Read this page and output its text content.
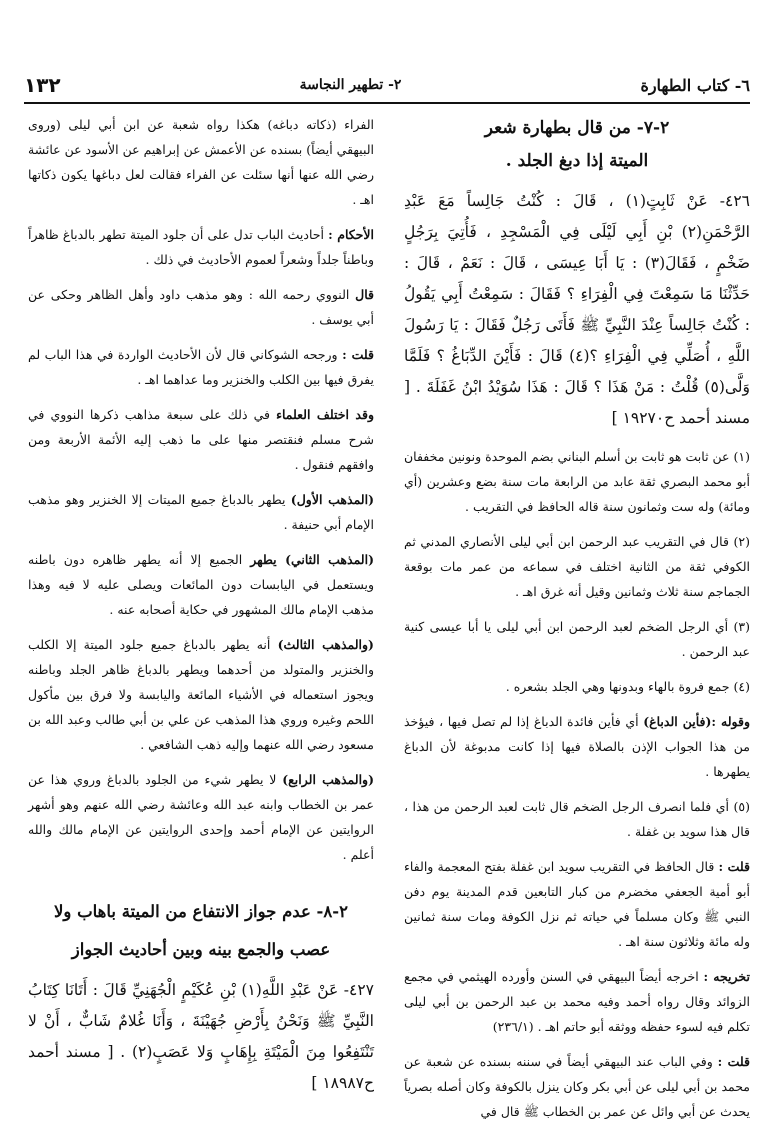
٦- كتاب الطهارة
٢- تطهير النجاسة
١٣٢

٢-٧- من قال بطهارة شعر

الميتة إذا دبغ الجلد .

٤٢٦- عَنْ ثَابِتٍ(١) ، قَالَ : كُنْتُ جَالِساً مَعَ عَبْدِ الرَّحْمَنِ(٢) بْنِ أَبِي لَيْلَى فِي الْمَسْجِدِ ، فَأُتِيَ بِرَجُلٍ ضَخْمٍ ، فَقَالَ(٣) : يَا أَبَا عِيسَى ، قَالَ : نَعَمْ ، قَالَ : حَدِّثْنَا مَا سَمِعْتَ فِي الْفِرَاءِ ؟ فَقَالَ : سَمِعْتُ أَبِي يَقُولُ : كُنْتُ جَالِساً عِنْدَ النَّبِيِّ ﷺ فَأَتَى رَجُلٌ فَقَالَ : يَا رَسُولَ اللَّهِ ، أُصَلِّي فِي الْفِرَاءِ ؟(٤) قَالَ : فَأَيْنَ الدِّبَاغُ ؟ فَلَمَّا وَلَّى(٥) قُلْتُ : مَنْ هَذَا ؟ قَالَ : هَذَا سُوَيْدُ ابْنُ غَفَلَةَ . [ مسند أحمد ح١٩٢٧٠ ]

(١) عن ثابت هو ثابت بن أسلم البناني بضم الموحدة ونونين مخففان أبو محمد البصري ثقة عابد من الرابعة مات سنة بضع وعشرين (أي ومائة) وله ست وثمانون سنة قاله الحافظ في التقريب .

(٢) قال في التقريب عبد الرحمن ابن أبي ليلى الأنصاري المدني ثم الكوفي ثقة من الثانية اختلف في سماعه من عمر مات بوقعة الجماجم سنة ثلاث وثمانين وقيل أنه غرق اهـ .

(٣) أي الرجل الضخم لعبد الرحمن ابن أبي ليلى يا أبا عيسى كنية عبد الرحمن .

(٤) جمع فروة بالهاء وبدونها وهي الجلد بشعره .

وقوله :(فأين الدباغ) أي فأين فائدة الدباغ إذا لم تصل فيها ، فيؤخذ من هذا الجواب الإذن بالصلاة فيها إذا كانت مدبوغة لأن الدباغ يطهرها .

(٥) أي فلما انصرف الرجل الضخم قال ثابت لعبد الرحمن من هذا ، قال هذا سويد بن غفلة .

قلت : قال الحافظ في التقريب سويد ابن غفلة بفتح المعجمة والفاء أبو أمية الجعفي مخضرم من كبار التابعين قدم المدينة يوم دفن النبي ﷺ وكان مسلماً في حياته ثم نزل الكوفة ومات سنة ثمانين وله مائة وثلاثون سنة اهـ .

تخريجه : اخرجه أيضاً البيهقي في السنن وأورده الهيثمي في مجمع الزوائد وقال رواه أحمد وفيه محمد بن عبد الرحمن بن أبي ليلى تكلم فيه لسوء حفظه ووثقه أبو حاتم اهـ . (٢٣٦/١)

قلت : وفي الباب عند البيهقي أيضاً في سننه بسنده عن شعبة عن محمد بن أبي ليلى عن أبي بكر وكان ينزل بالكوفة وكان أصله بصرياً يحدث عن أبي وائل عن عمر بن الخطاب ﷺ قال في

الفراء (ذكاته دباغه) هكذا رواه شعبة عن ابن أبي ليلى (وروى البيهقي أيضاً) بسنده عن الأعمش عن إبراهيم عن الأسود عن عائشة رضي الله عنها أنها سئلت عن الفراء فقالت لعل دباغها يكون ذكاتها اهـ .

الأحكام : أحاديث الباب تدل على أن جلود الميتة تطهر بالدباغ ظاهراً وباطناً جلداً وشعراً لعموم الأحاديث في ذلك .

قال النووي رحمه الله : وهو مذهب داود وأهل الظاهر وحكى عن أبي يوسف .

قلت : ورجحه الشوكاني قال لأن الأحاديث الواردة في هذا الباب لم يفرق فيها بين الكلب والخنزير وما عداهما اهـ .

وقد اختلف العلماء في ذلك على سبعة مذاهب ذكرها النووي في شرح مسلم فنقتصر منها على ما ذهب إليه الأئمة الأربعة ومن وافقهم فنقول .

(المذهب الأول) يطهر بالدباغ جميع الميتات إلا الخنزير وهو مذهب الإمام أبي حنيفة .

(المذهب الثاني) يطهر الجميع إلا أنه يطهر ظاهره دون باطنه ويستعمل في اليابسات دون المائعات ويصلى عليه لا فيه وهذا مذهب الإمام مالك المشهور في حكاية أصحابه عنه .

(والمذهب الثالث) أنه يطهر بالدباغ جميع جلود الميتة إلا الكلب والخنزير والمتولد من أحدهما ويطهر بالدباغ ظاهر الجلد وباطنه ويجوز استعماله في الأشياء المائعة واليابسة ولا فرق بين مأكول اللحم وغيره وروي هذا المذهب عن علي بن أبي طالب وعبد الله بن مسعود رضي الله عنهما وإليه ذهب الشافعي .

(والمذهب الرابع) لا يطهر شيء من الجلود بالدباغ وروي هذا عن عمر بن الخطاب وابنه عبد الله وعائشة رضي الله عنهم وهو أشهر الروايتين عن الإمام أحمد وإحدى الروايتين عن الإمام مالك والله أعلم .

٢-٨- عدم جواز الانتفاع من الميتة باهاب ولا
عصب والجمع بينه وبين أحاديث الجواز

٤٢٧- عَنْ عَبْدِ اللَّهِ(١) بْنِ عُكَيْمٍ الْجُهَنِيِّ قَالَ : أَتَانَا كِتَابُ النَّبِيِّ ﷺ وَنَحْنُ بِأَرْضِ جُهَيْنَةَ ، وَأَنَا غُلامٌ شَابٌّ ، أَنْ لا تَنْتَفِعُوا مِنَ الْمَيْتَةِ بِإِهَابٍ وَلا عَصَبٍ(٢) . [ مسند أحمد ح١٨٩٨٧ ]
